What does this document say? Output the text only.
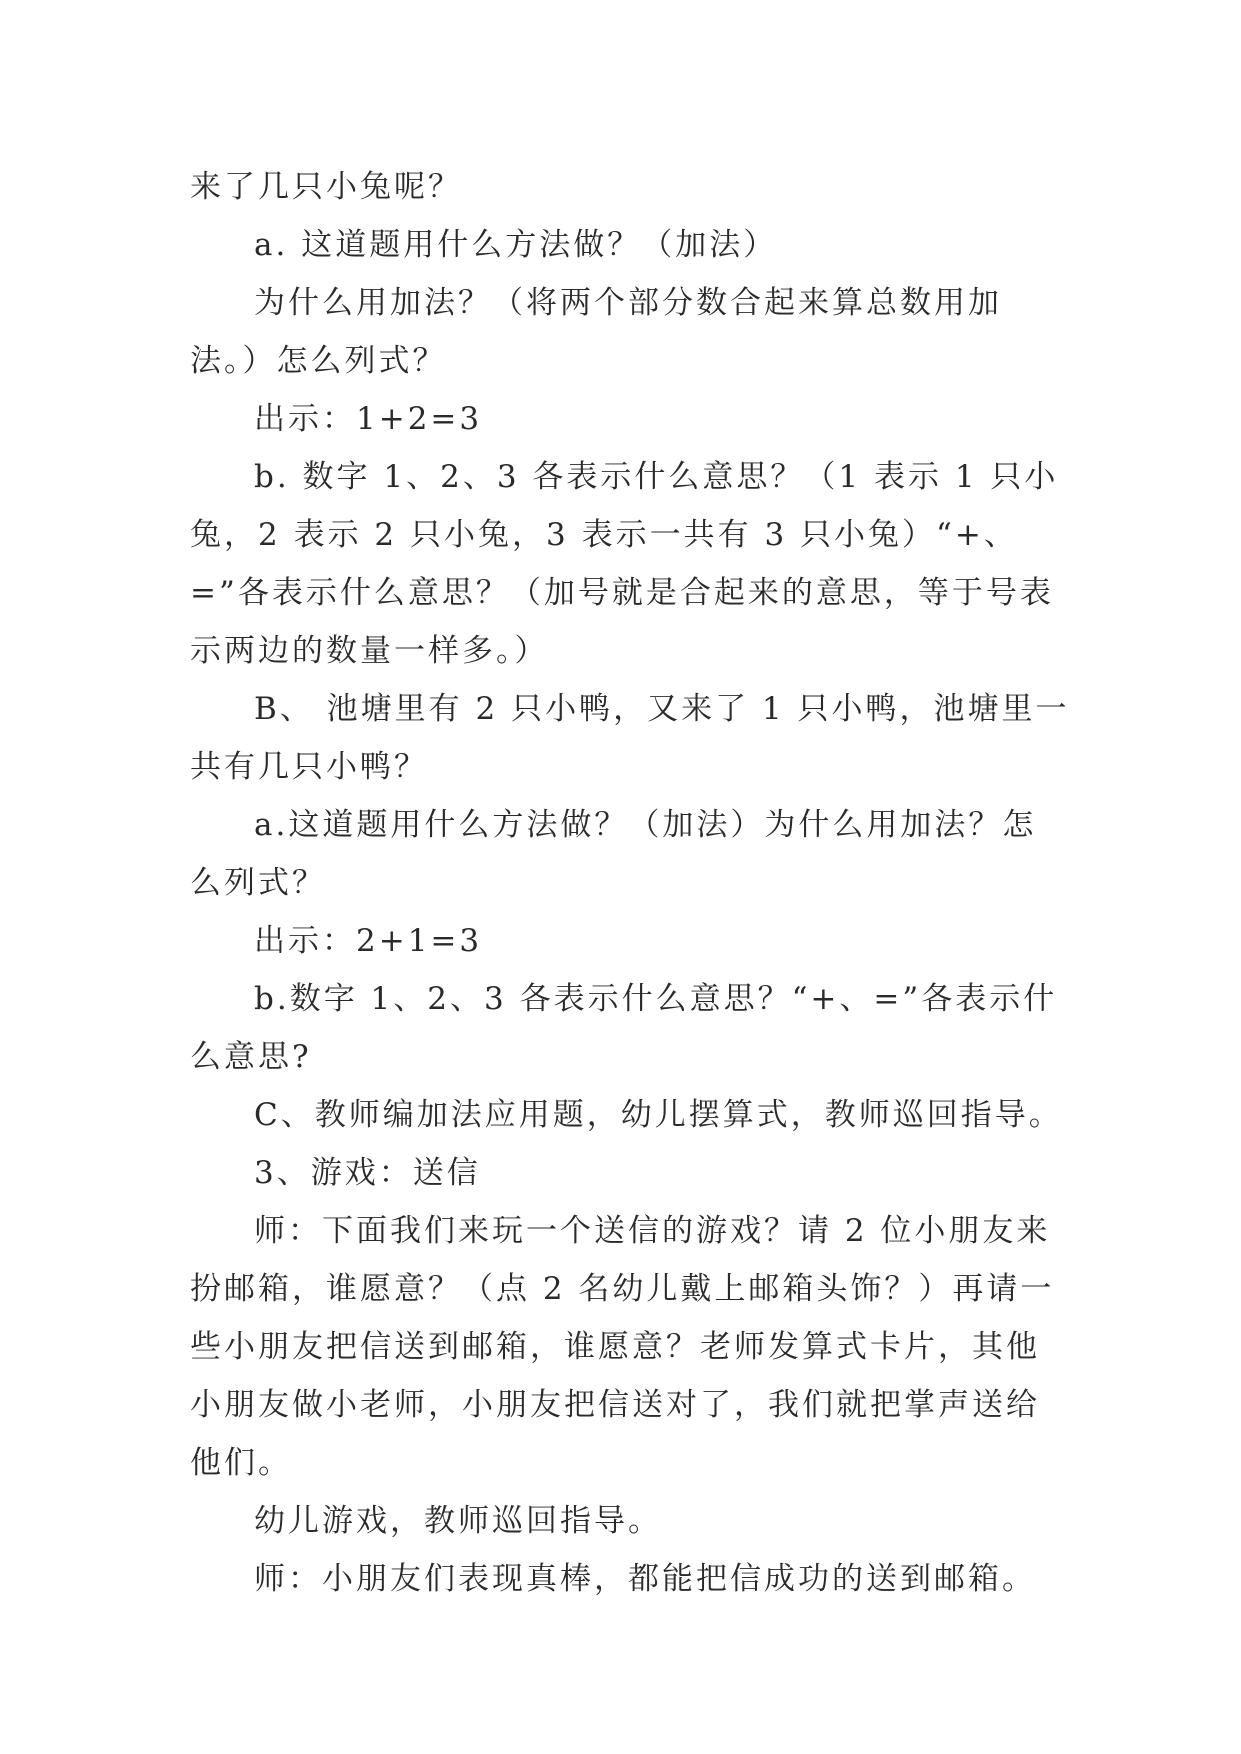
来了几只小兔呢？

a. 这道题用什么方法做？（加法）

为什么用加法？（将两个部分数合起来算总数用加法。）怎么列式？

出示：1+2=3

b. 数字 1、2、3 各表示什么意思？（1 表示 1 只小兔，2 表示 2 只小兔，3 表示一共有 3 只小兔）“+、=”各表示什么意思？（加号就是合起来的意思，等于号表示两边的数量一样多。）

B、 池塘里有 2 只小鸭，又来了 1 只小鸭，池塘里一共有几只小鸭？

a.这道题用什么方法做？（加法）为什么用加法？怎么列式？

出示：2+1=3

b.数字 1、2、3 各表示什么意思？“+、=”各表示什么意思?

C、教师编加法应用题，幼儿摆算式，教师巡回指导。

3、游戏：送信

师：下面我们来玩一个送信的游戏？请 2 位小朋友来扮邮箱，谁愿意？（点 2 名幼儿戴上邮箱头饰？）再请一些小朋友把信送到邮箱，谁愿意？老师发算式卡片，其他小朋友做小老师，小朋友把信送对了，我们就把掌声送给他们。

幼儿游戏，教师巡回指导。

师：小朋友们表现真棒，都能把信成功的送到邮箱。
